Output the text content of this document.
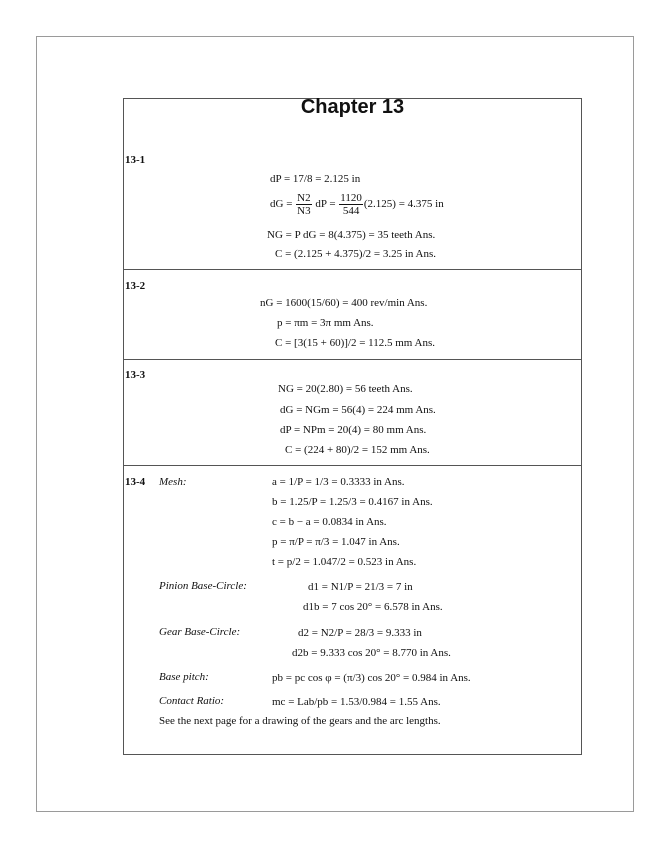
Chapter 13
13-1
dP = 17/8 = 2.125 in
dG = $\frac{N2}{N3}$ dP = $\frac{1120}{544} (2.125) = 4.375$ in
NG = P dG = 8(4.375) = 35 teeth Ans.
C = (2.125 + 4.375)/2 = 3.25 in Ans.
13-2
nG = 1600(15/60) = 400 rev/min Ans.
p = πm = 3π mm Ans.
C = [3(15 + 60)]/2 = 112.5 mm Ans.
13-3
NG = 20(2.80) = 56 teeth Ans.
dG = NGm = 56(4) = 224 mm Ans.
dP = NPm = 20(4) = 80 mm Ans.
C = (224 + 80)/2 = 152 mm Ans.
13-4 Mesh:	a = 1/P = 1/3 = 0.3333 in Ans.
b = 1.25/P = 1.25/3 = 0.4167 in Ans.
c = b − a = 0.0834 in Ans.
p = π/P = π/3 = 1.047 in Ans.
t = p/2 = 1.047/2 = 0.523 in Ans.
Pinion Base-Circle:	d1 = N1/P = 21/3 = 7 in
d1b = 7 cos 20° = 6.578 in Ans.
Gear Base-Circle:	d2 = N2/P = 28/3 = 9.333 in
d2b = 9.333 cos 20° = 8.770 in Ans.
Base pitch:	pb = pc cos φ = (π/3) cos 20° = 0.984 in Ans.
Contact Ratio:	mc = Lab/pb = 1.53/0.984 = 1.55 Ans.
See the next page for a drawing of the gears and the arc lengths.
